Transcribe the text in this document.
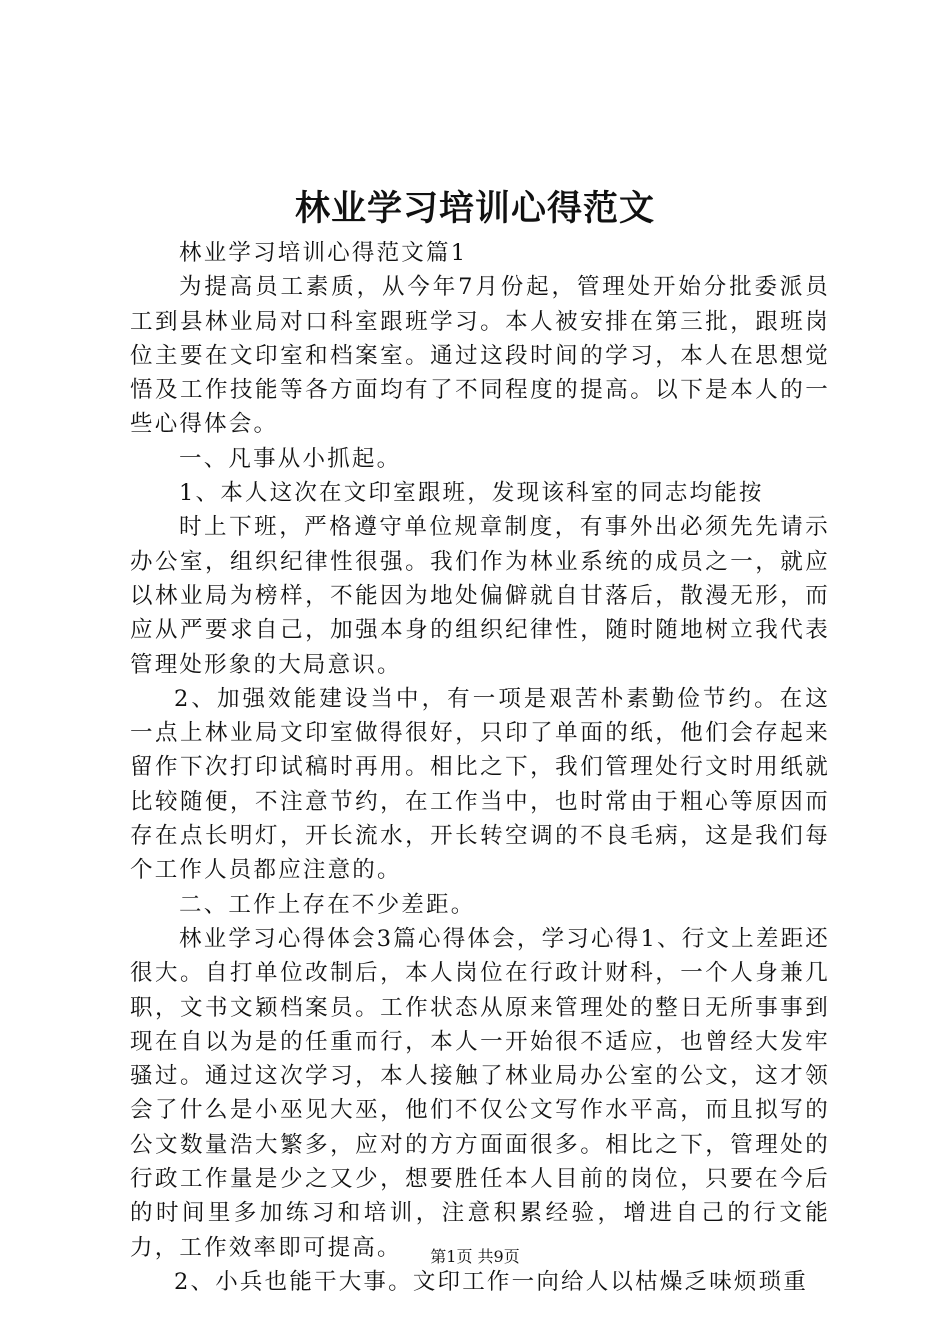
林业学习培训心得范文

林业学习培训心得范文篇1

为提高员工素质，从今年7月份起，管理处开始分批委派员工到县林业局对口科室跟班学习。本人被安排在第三批，跟班岗位主要在文印室和档案室。通过这段时间的学习，本人在思想觉悟及工作技能等各方面均有了不同程度的提高。以下是本人的一些心得体会。

一、凡事从小抓起。

1、本人这次在文印室跟班，发现该科室的同志均能按

时上下班，严格遵守单位规章制度，有事外出必须先先请示办公室，组织纪律性很强。我们作为林业系统的成员之一，就应以林业局为榜样，不能因为地处偏僻就自甘落后，散漫无形，而应从严要求自己，加强本身的组织纪律性，随时随地树立我代表管理处形象的大局意识。

2、加强效能建设当中，有一项是艰苦朴素勤俭节约。在这一点上林业局文印室做得很好，只印了单面的纸，他们会存起来留作下次打印试稿时再用。相比之下，我们管理处行文时用纸就比较随便，不注意节约，在工作当中，也时常由于粗心等原因而存在点长明灯，开长流水，开长转空调的不良毛病，这是我们每个工作人员都应注意的。

二、工作上存在不少差距。

林业学习心得体会3篇心得体会，学习心得1、行文上差距还很大。自打单位改制后，本人岗位在行政计财科，一个人身兼几职，文书文颖档案员。工作状态从原来管理处的整日无所事事到现在自以为是的任重而行，本人一开始很不适应，也曾经大发牢骚过。通过这次学习，本人接触了林业局办公室的公文，这才领会了什么是小巫见大巫，他们不仅公文写作水平高，而且拟写的公文数量浩大繁多，应对的方方面面很多。相比之下，管理处的行政工作量是少之又少，想要胜任本人目前的岗位，只要在今后的时间里多加练习和培训，注意积累经验，增进自己的行文能力，工作效率即可提高。

2、小兵也能干大事。文印工作一向给人以枯燥乏味烦琐重

第1页 共9页
